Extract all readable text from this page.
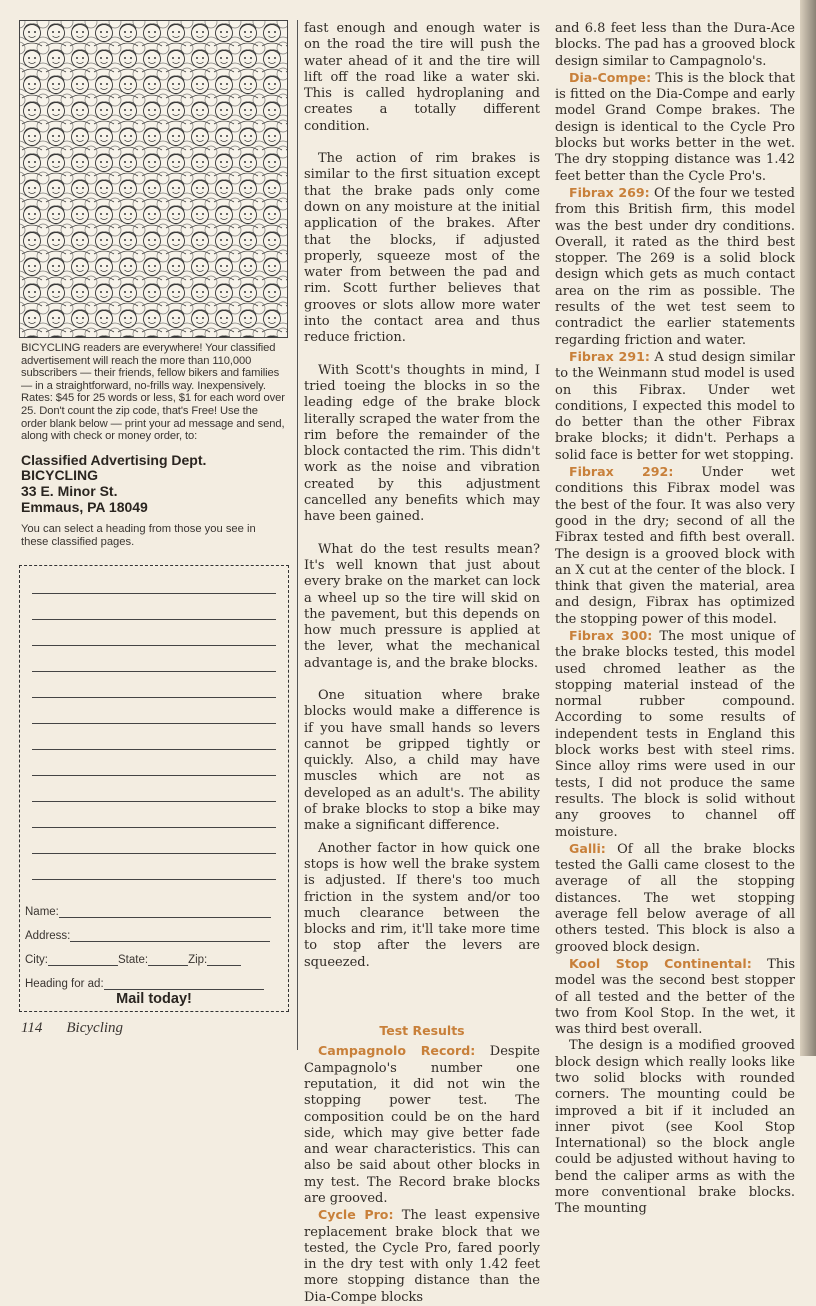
BICYCLING readers are everywhere! Your classified advertisement will reach the more than 110,000 subscribers — their friends, fellow bikers and families — in a straightforward, no-frills way. Inexpensively. Rates: $45 for 25 words or less, $1 for each word over 25. Don't count the zip code, that's Free! Use the order blank below — print your ad message and send, along with check or money order, to:
Classified Advertising Dept.
BICYCLING
33 E. Minor St.
Emmaus, PA 18049
You can select a heading from those you see in these classified pages.
Name:
Address:
City:	State:	Zip:
Heading for ad:
Mail today!
114 Bicycling

fast enough and enough water is on the road the tire will push the water ahead of it and the tire will lift off the road like a water ski. This is called hydroplaning and creates a totally different condition.

The action of rim brakes is similar to the first situation except that the brake pads only come down on any moisture at the initial application of the brakes. After that the blocks, if adjusted properly, squeeze most of the water from between the pad and rim. Scott further believes that grooves or slots allow more water into the contact area and thus reduce friction.

With Scott's thoughts in mind, I tried toeing the blocks in so the leading edge of the brake block literally scraped the water from the rim before the remainder of the block contacted the rim. This didn't work as the noise and vibration created by this adjustment cancelled any benefits which may have been gained.

What do the test results mean? It's well known that just about every brake on the market can lock a wheel up so the tire will skid on the pavement, but this depends on how much pressure is applied at the lever, what the mechanical advantage is, and the brake blocks.

One situation where brake blocks would make a difference is if you have small hands so levers cannot be gripped tightly or quickly. Also, a child may have muscles which are not as developed as an adult's. The ability of brake blocks to stop a bike may make a significant difference.

Another factor in how quick one stops is how well the brake system is adjusted. If there's too much friction in the system and/or too much clearance between the blocks and rim, it'll take more time to stop after the levers are squeezed.

Test Results

Campagnolo Record: Despite Campagnolo's number one reputation, it did not win the stopping power test. The composition could be on the hard side, which may give better fade and wear characteristics. This can also be said about other blocks in my test. The Record brake blocks are grooved.

Cycle Pro: The least expensive replacement brake block that we tested, the Cycle Pro, fared poorly in the dry test with only 1.42 feet more stopping distance than the Dia-Compe blocks

and 6.8 feet less than the Dura-Ace blocks. The pad has a grooved block design similar to Campagnolo's.

Dia-Compe: This is the block that is fitted on the Dia-Compe and early model Grand Compe brakes. The design is identical to the Cycle Pro blocks but works better in the wet. The dry stopping distance was 1.42 feet better than the Cycle Pro's.

Fibrax 269: Of the four we tested from this British firm, this model was the best under dry conditions. Overall, it rated as the third best stopper. The 269 is a solid block design which gets as much contact area on the rim as possible. The results of the wet test seem to contradict the earlier statements regarding friction and water.

Fibrax 291: A stud design similar to the Weinmann stud model is used on this Fibrax. Under wet conditions, I expected this model to do better than the other Fibrax brake blocks; it didn't. Perhaps a solid face is better for wet stopping.

Fibrax 292: Under wet conditions this Fibrax model was the best of the four. It was also very good in the dry; second of all the Fibrax tested and fifth best overall. The design is a grooved block with an X cut at the center of the block. I think that given the material, area and design, Fibrax has optimized the stopping power of this model.

Fibrax 300: The most unique of the brake blocks tested, this model used chromed leather as the stopping material instead of the normal rubber compound. According to some results of independent tests in England this block works best with steel rims. Since alloy rims were used in our tests, I did not produce the same results. The block is solid without any grooves to channel off moisture.

Galli: Of all the brake blocks tested the Galli came closest to the average of all the stopping distances. The wet stopping average fell below average of all others tested. This block is also a grooved block design.

Kool Stop Continental: This model was the second best stopper of all tested and the better of the two from Kool Stop. In the wet, it was third best overall.

The design is a modified grooved block design which really looks like two solid blocks with rounded corners. The mounting could be improved a bit if it included an inner pivot (see Kool Stop International) so the block angle could be adjusted without having to bend the caliper arms as with the more conventional brake blocks. The mounting
